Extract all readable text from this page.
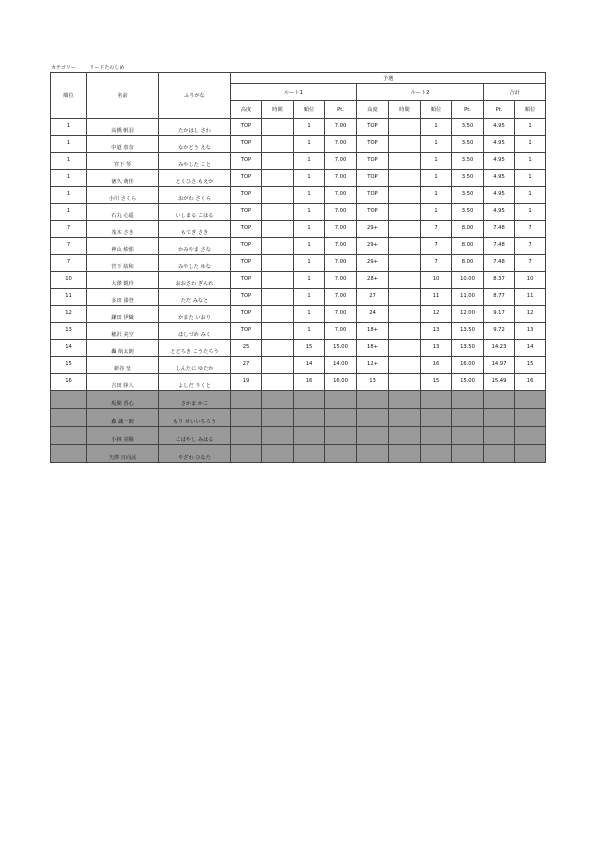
カテゴリー	リードたのしめ
順位	名前	ふりがな	予選									
			ルート1				ルート2				合計	
			高度	時間	順位	Pt.	高度	時間	順位	Pt.	Pt.	順位
1	高橋 帆羽	たかはし さわ	TOP		1	7.00	TOP		1	3.50	4.95	1
1	中道 恵奈	なかどう えな	TOP		1	7.00	TOP		1	3.50	4.95	1
1	宮下 琴	みやした こと	TOP		1	7.00	TOP		1	3.50	4.95	1
1	徳久 萌佳	とくひさ もえか	TOP		1	7.00	TOP		1	3.50	4.95	1
1	小川 さくら	おがわ さくら	TOP		1	7.00	TOP		1	3.50	4.95	1
1	石丸 心遥	いしまる こはる	TOP		1	7.00	TOP		1	3.50	4.95	1
7	茂木 さき	もてぎ さき	TOP		1	7.00	29+		7	8.00	7.48	7
7	神山 紗那	かみやま さな	TOP		1	7.00	29+		7	8.00	7.48	7
7	宮下 結和	みやした ゆな	TOP		1	7.00	29+		7	8.00	7.48	7
10	大澤 銀玲	おおさわ ぎんれ	TOP		1	7.00	28+		10	10.00	8.37	10
11	多田 湊登	ただ みなと	TOP		1	7.00	27		11	11.00	8.77	11
12	鎌田 伊織	かまた いおり	TOP		1	7.00	24		12	12.00	9.17	12
13	穂沢 美空	ほしづめ みく	TOP		1	7.00	18+		13	13.50	9.72	13
14	轟 航太朗	とどろき こうたろう	25		15	15.00	18+		13	13.50	14.23	14
15	新谷 皇	しんたに ゆたか	27		14	14.00	12+		16	16.00	14.97	15
16	吉田 陸人	よしだ りくと	19		16	16.00	13		15	15.00	15.49	16
	坂間 香心	さかま かこ										
	森 誠一朗	もり せいいちろう										
	小林 美陽	こばやし みはる										
	矢澤 日向汰	やざわ ひなた										
